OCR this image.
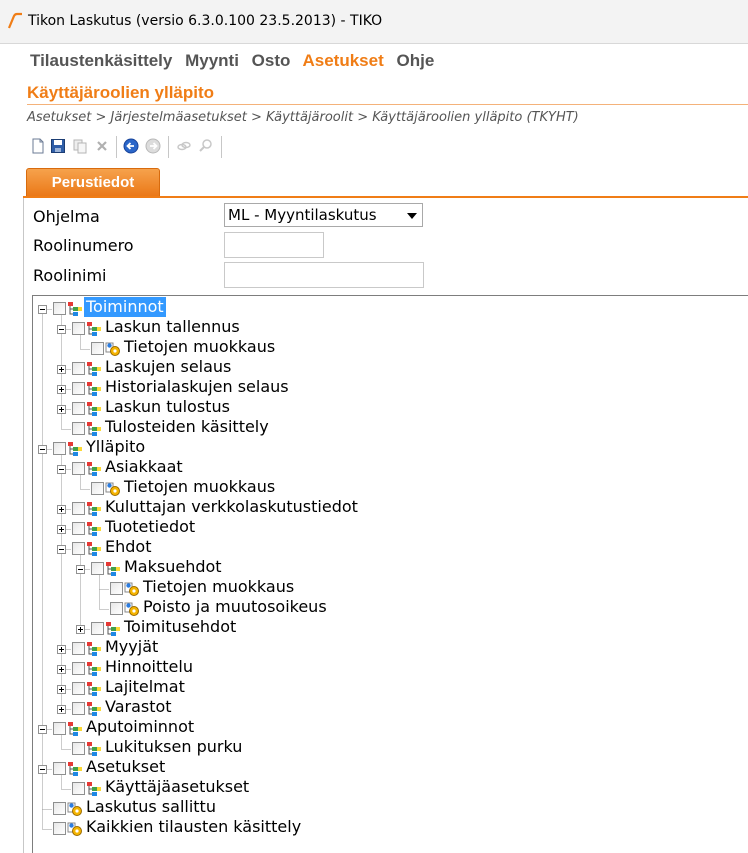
Tikon Laskutus (versio 6.3.0.100 23.5.2013) - TIKO
Tilaustenkäsittely Myynti Osto Asetukset Ohje
Käyttäjäroolien ylläpito
Asetukset > Järjestelmäasetukset > Käyttäjäroolit > Käyttäjäroolien ylläpito (TKYHT)
Perustiedot
Ohjelma	ML - Myyntilaskutus
Roolinumero
Roolinimi
Toiminnot
Laskun tallennus
Tietojen muokkaus
Laskujen selaus
Historialaskujen selaus
Laskun tulostus
Tulosteiden käsittely
Ylläpito
Asiakkaat
Tietojen muokkaus
Kuluttajan verkkolaskutustiedot
Tuotetiedot
Ehdot
Maksuehdot
Tietojen muokkaus
Poisto ja muutosoikeus
Toimitusehdot
Myyjät
Hinnoittelu
Lajitelmat
Varastot
Aputoiminnot
Lukituksen purku
Asetukset
Käyttäjäasetukset
Laskutus sallittu
Kaikkien tilausten käsittely
